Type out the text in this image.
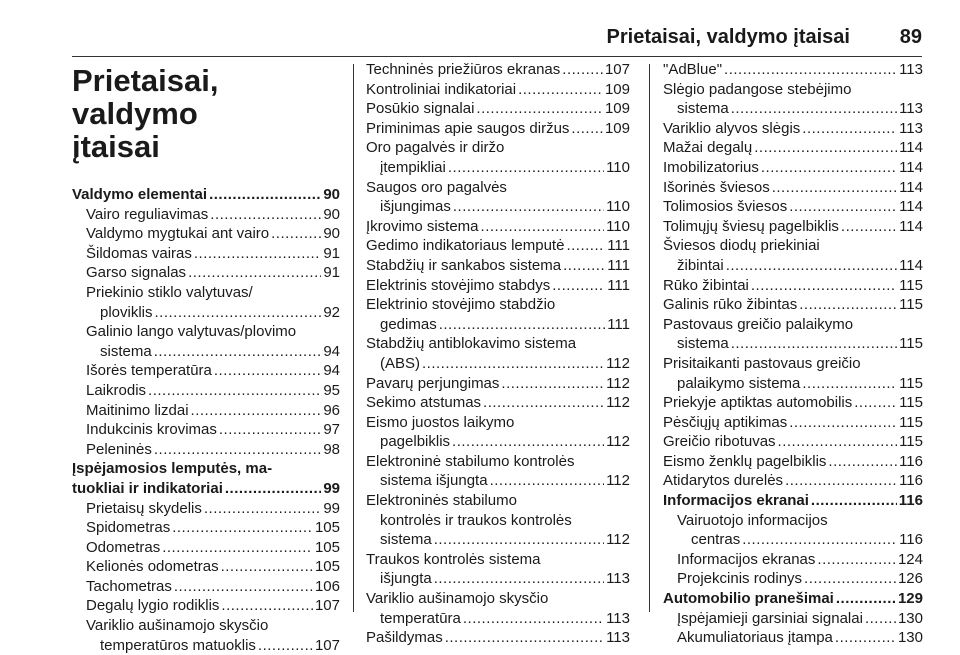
Prietaisai, valdymo įtaisai 89
Prietaisai, valdymo
įtaisai
Valdymo elementai .....	90
Vairo reguliavimas .....	90
Valdymo mygtukai ant vairo .....	90
Šildomas vairas .....	91
Garso signalas .....	91
Priekinio stiklo valytuvas/
ploviklis .....	92
Galinio lango valytuvas/plovimo
sistema .....	94
Išorės temperatūra .....	94
Laikrodis .....	95
Maitinimo lizdai .....	96
Indukcinis krovimas .....	97
Peleninės .....	98
Įspėjamosios lemputės, ma-
tuokliai ir indikatoriai .....	99
Prietaisų skydelis .....	99
Spidometras .....	105
Odometras .....	105
Kelionės odometras .....	105
Tachometras .....	106
Degalų lygio rodiklis .....	107
Variklio aušinamojo skysčio
temperatūros matuoklis .....	107
Techninės priežiūros ekranas .....	107
Kontroliniai indikatoriai .....	109
Posūkio signalai .....	109
Priminimas apie saugos diržus ..... 109
Oro pagalvės ir diržo
įtempikliai .....	110
Saugos oro pagalvės
išjungimas .....	110
Įkrovimo sistema .....	110
Gedimo indikatoriaus lemputė .....	111
Stabdžių ir sankabos sistema .....	111
Elektrinis stovėjimo stabdys .....	111
Elektrinio stovėjimo stabdžio
gedimas .....	111
Stabdžių antiblokavimo sistema
(ABS) .....	112
Pavarų perjungimas .....	112
Sekimo atstumas .....	112
Eismo juostos laikymo
pagelbiklis .....	112
Elektroninė stabilumo kontrolės
sistema išjungta .....	112
Elektroninės stabilumo
kontrolės ir traukos kontrolės
sistema .....	112
Traukos kontrolės sistema
išjungta .....	113
Variklio aušinamojo skysčio
temperatūra .....	113
Pašildymas .....	113
"AdBlue" .....	113
Slėgio padangose stebėjimo
sistema .....	113
Variklio alyvos slėgis .....	113
Mažai degalų .....	114
Imobilizatorius .....	114
Išorinės šviesos .....	114
Tolimosios šviesos .....	114
Tolimųjų šviesų pagelbiklis .....	114
Šviesos diodų priekiniai
žibintai .....	114
Rūko žibintai .....	115
Galinis rūko žibintas .....	115
Pastovaus greičio palaikymo
sistema .....	115
Prisitaikanti pastovaus greičio
palaikymo sistema .....	115
Priekyje aptiktas automobilis .....	115
Pėsčiųjų aptikimas .....	115
Greičio ribotuvas .....	115
Eismo ženklų pagelbiklis .....	116
Atidarytos durelės .....	116
Informacijos ekranai .....	116
Vairuotojo informacijos
centras .....	116
Informacijos ekranas .....	124
Projekcinis rodinys .....	126
Automobilio pranešimai .....	129
Įspėjamieji garsiniai signalai ..... 130
Akumuliatoriaus įtampa .....	130
